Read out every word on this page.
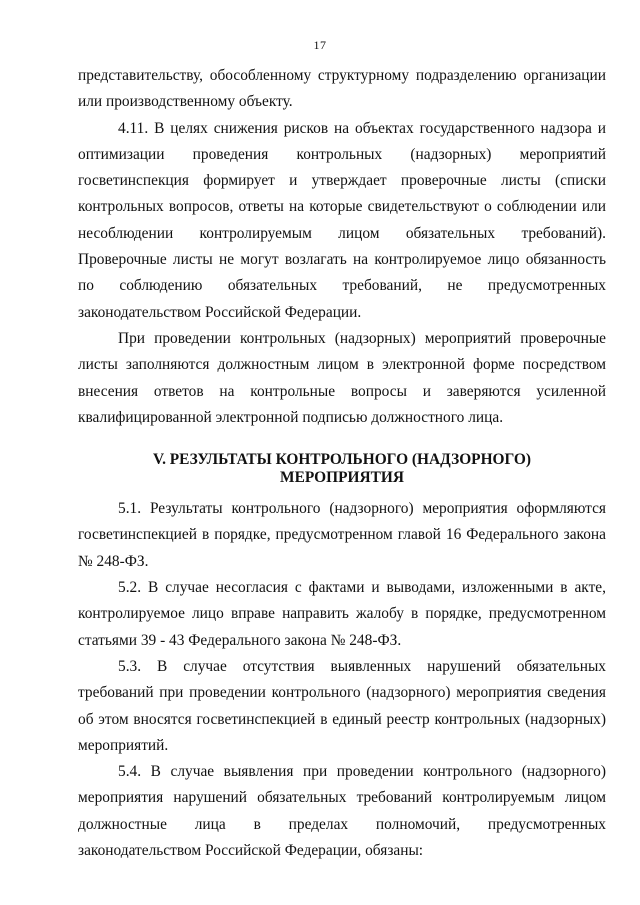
17

представительству, обособленному структурному подразделению организации или производственному объекту.

4.11. В целях снижения рисков на объектах государственного надзора и оптимизации проведения контрольных (надзорных) мероприятий госветинспекция формирует и утверждает проверочные листы (списки контрольных вопросов, ответы на которые свидетельствуют о соблюдении или несоблюдении контролируемым лицом обязательных требований). Проверочные листы не могут возлагать на контролируемое лицо обязанность по соблюдению обязательных требований, не предусмотренных законодательством Российской Федерации.

При проведении контрольных (надзорных) мероприятий проверочные листы заполняются должностным лицом в электронной форме посредством внесения ответов на контрольные вопросы и заверяются усиленной квалифицированной электронной подписью должностного лица.

V. РЕЗУЛЬТАТЫ КОНТРОЛЬНОГО (НАДЗОРНОГО)
МЕРОПРИЯТИЯ

5.1. Результаты контрольного (надзорного) мероприятия оформляются госветинспекцией в порядке, предусмотренном главой 16 Федерального закона № 248-ФЗ.

5.2. В случае несогласия с фактами и выводами, изложенными в акте, контролируемое лицо вправе направить жалобу в порядке, предусмотренном статьями 39 - 43 Федерального закона № 248-ФЗ.

5.3. В случае отсутствия выявленных нарушений обязательных требований при проведении контрольного (надзорного) мероприятия сведения об этом вносятся госветинспекцией в единый реестр контрольных (надзорных) мероприятий.

5.4. В случае выявления при проведении контрольного (надзорного) мероприятия нарушений обязательных требований контролируемым лицом должностные лица в пределах полномочий, предусмотренных законодательством Российской Федерации, обязаны:
